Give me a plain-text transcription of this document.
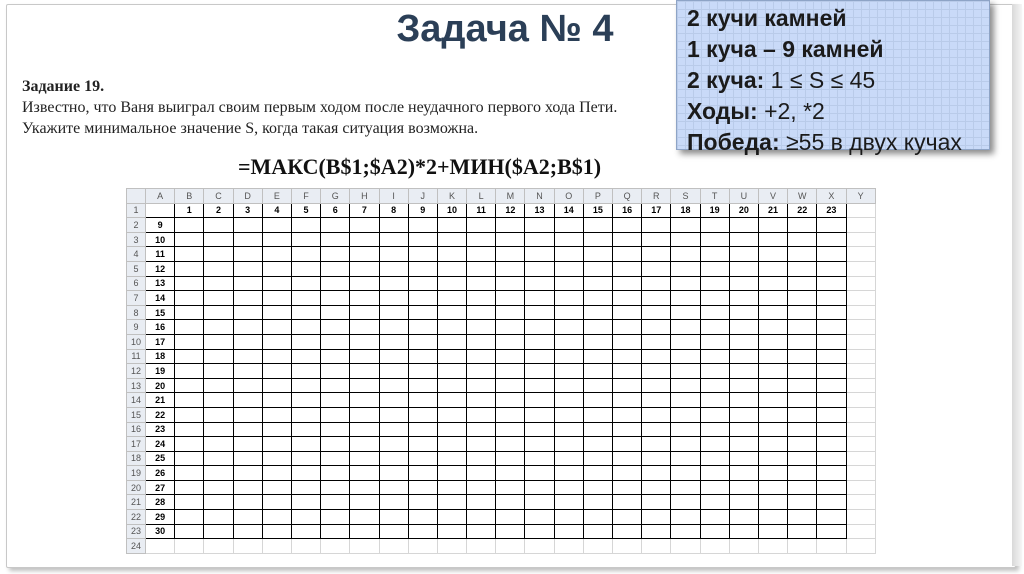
Задача № 4	2 кучи камней
1 куча – 9 камней
2 куча: 1 ≤ S ≤ 45
Ходы: +2, *2
Победа: ≥55 в двух кучах
Задание 19.
Известно, что Ваня выиграл своим первым ходом после неудачного первого хода Пети. Укажите минимальное значение S, когда такая ситуация возможна.
=МАКС(B$1;$A2)*2+МИН($A2;B$1)
	A	B	C	D	E	F	G	H	I	J	K	L	M	N	O	P	Q	R	S	T	U	V	W	X	Y
1		1	2	3	4	5	6	7	8	9	10	11	12	13	14	15	16	17	18	19	20	21	22	23	
2	9																								
3	10																								
4	11																								
5	12																								
6	13																								
7	14																								
8	15																								
9	16																								
10	17																								
11	18																								
12	19																								
13	20																								
14	21																								
15	22																								
16	23																								
17	24																								
18	25																								
19	26																								
20	27																								
21	28																								
22	29																								
23	30																								
24																									
